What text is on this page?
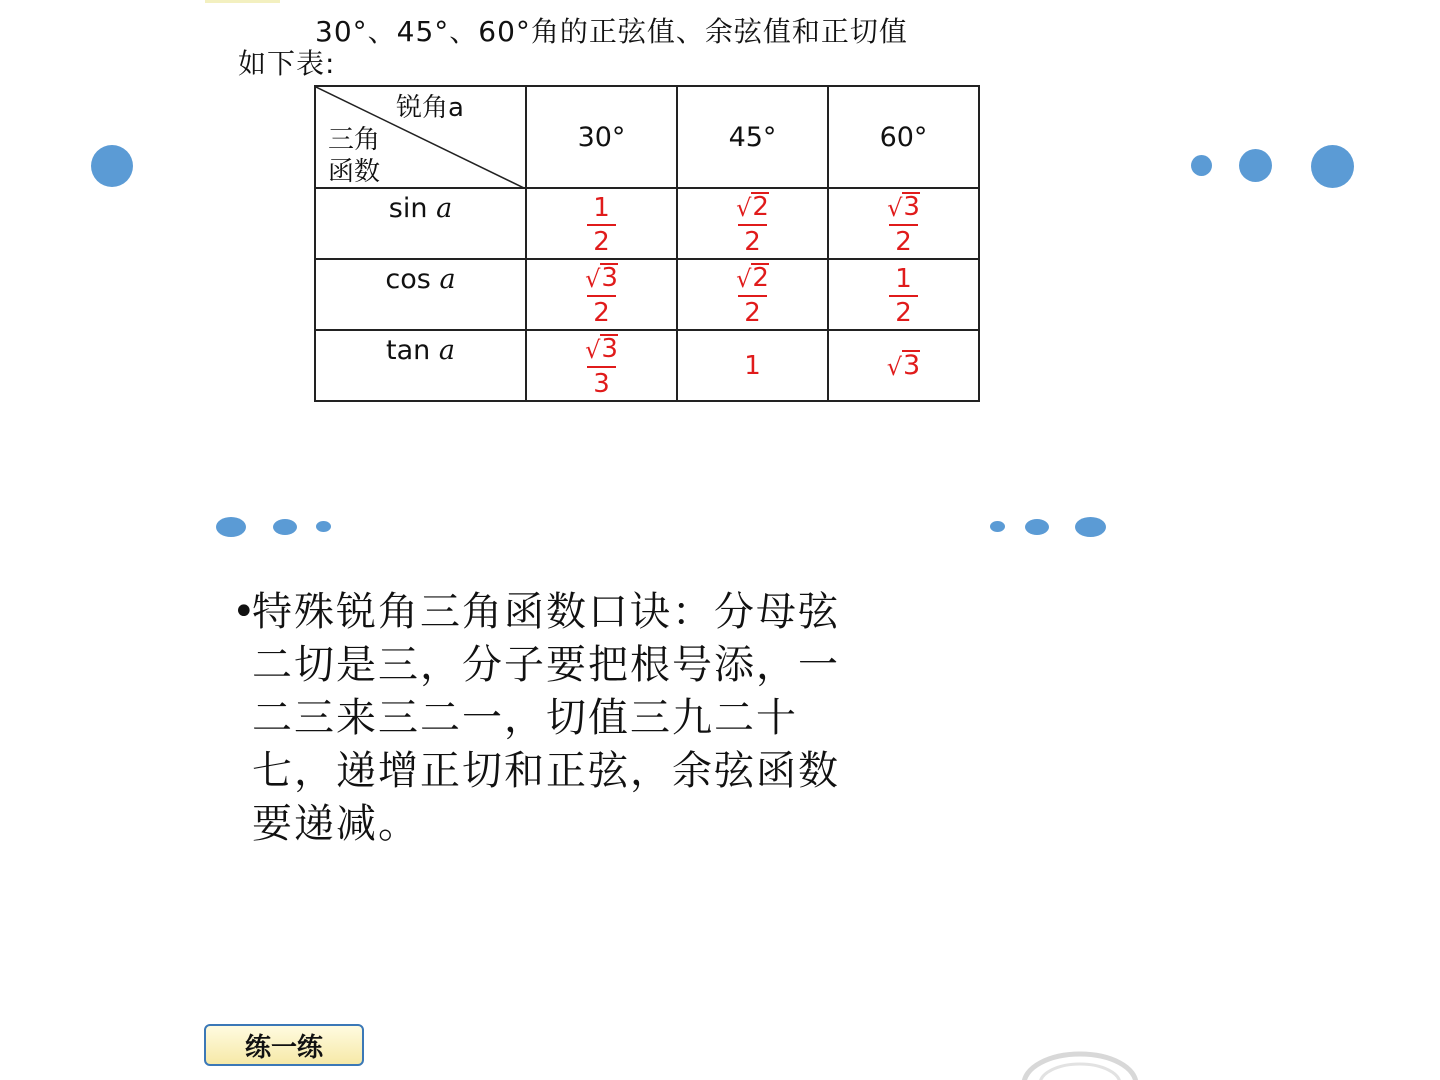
30°、45°、60°角的正弦值、余弦值和正切值
如下表:
锐角a
三角
函数	30°	45°	60°

sin a	$\frac{1}{2}$	$\frac{√ 2}{2}$	$\frac{√ 3}{2}$

cos a	$\frac{√ 3}{2}$	$\frac{√ 2}{2}$	$\frac{1}{2}$

tan a	$\frac{√ 3}{3}$	1	√ 3
•
特殊锐角三角函数口诀：分母弦
二切是三，分子要把根号添，一
二三来三二一，切值三九二十
七，递增正切和正弦，余弦函数
要递减。
练一练
